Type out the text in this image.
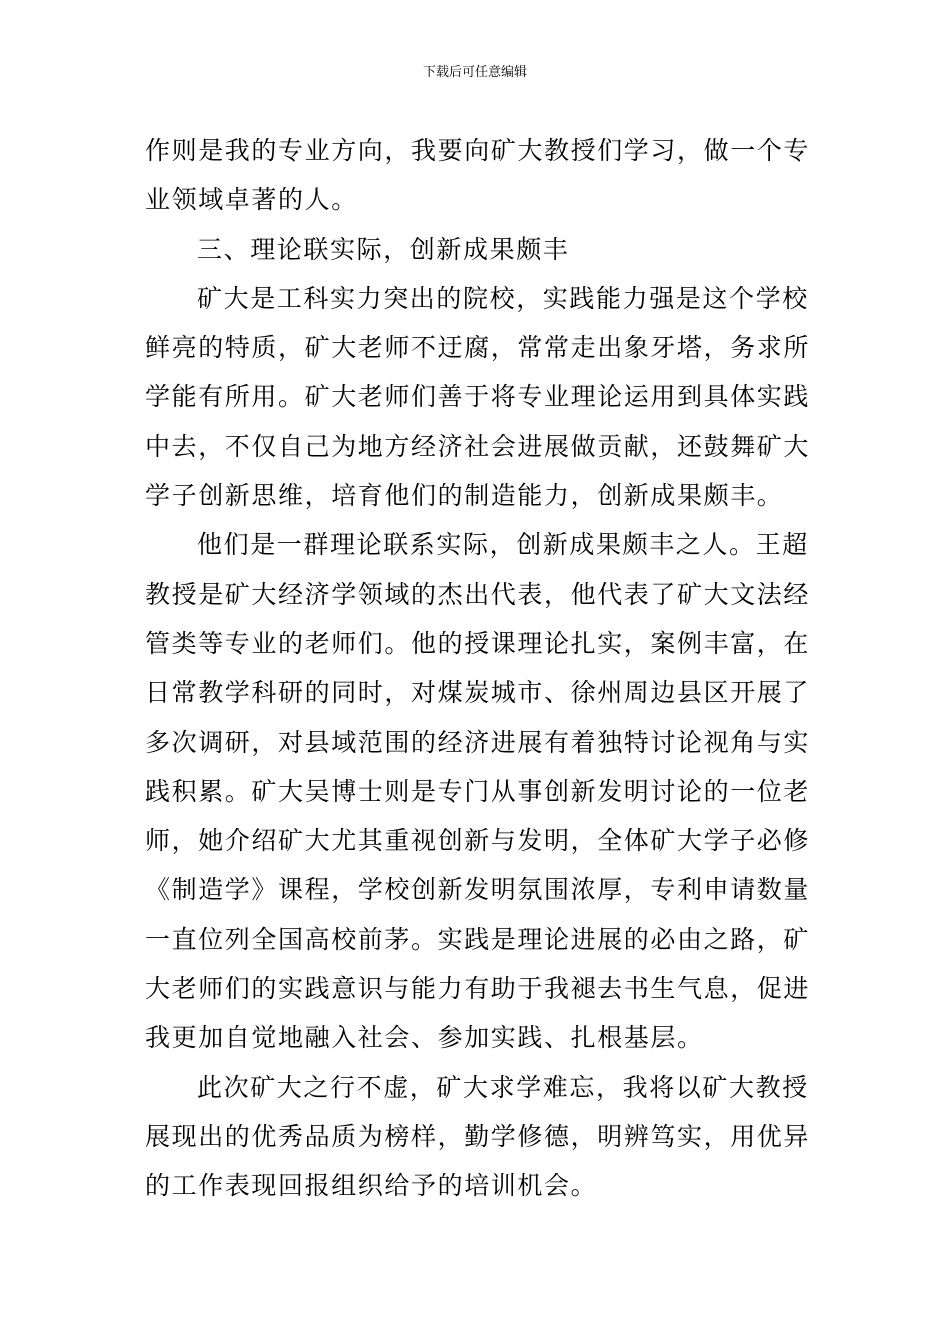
下载后可任意编辑

作则是我的专业方向，我要向矿大教授们学习，做一个专
业领域卓著的人。

三、理论联实际，创新成果颇丰

矿大是工科实力突出的院校，实践能力强是这个学校
鲜亮的特质，矿大老师不迂腐，常常走出象牙塔，务求所
学能有所用。矿大老师们善于将专业理论运用到具体实践
中去，不仅自己为地方经济社会进展做贡献，还鼓舞矿大
学子创新思维，培育他们的制造能力，创新成果颇丰。

他们是一群理论联系实际，创新成果颇丰之人。王超
教授是矿大经济学领域的杰出代表，他代表了矿大文法经
管类等专业的老师们。他的授课理论扎实，案例丰富，在
日常教学科研的同时，对煤炭城市、徐州周边县区开展了
多次调研，对县域范围的经济进展有着独特讨论视角与实
践积累。矿大吴博士则是专门从事创新发明讨论的一位老
师，她介绍矿大尤其重视创新与发明，全体矿大学子必修
《制造学》课程，学校创新发明氛围浓厚，专利申请数量
一直位列全国高校前茅。实践是理论进展的必由之路，矿
大老师们的实践意识与能力有助于我褪去书生气息，促进
我更加自觉地融入社会、参加实践、扎根基层。

此次矿大之行不虚，矿大求学难忘，我将以矿大教授
展现出的优秀品质为榜样，勤学修德，明辨笃实，用优异
的工作表现回报组织给予的培训机会。
